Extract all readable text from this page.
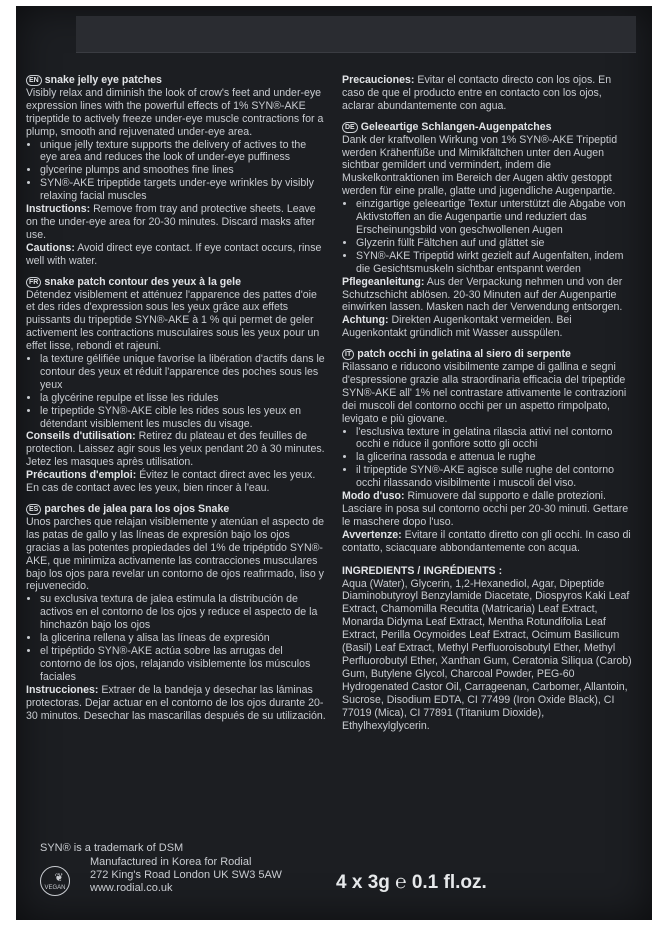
EN snake jelly eye patches
Visibly relax and diminish the look of crow's feet and under-eye expression lines with the powerful effects of 1% SYN®-AKE tripeptide to actively freeze under-eye muscle contractions for a plump, smooth and rejuvenated under-eye area.
• unique jelly texture supports the delivery of actives to the eye area and reduces the look of under-eye puffiness
• glycerine plumps and smoothes fine lines
• SYN®-AKE tripeptide targets under-eye wrinkles by visibly relaxing facial muscles
Instructions: Remove from tray and protective sheets. Leave on the under-eye area for 20-30 minutes. Discard masks after use.
Cautions: Avoid direct eye contact. If eye contact occurs, rinse well with water.
FR snake patch contour des yeux à la gele
Détendez visiblement et atténuez l'apparence des pattes d'oie et des rides d'expression sous les yeux grâce aux effets puissants du tripeptide SYN®-AKE à 1 % qui permet de geler activement les contractions musculaires sous les yeux pour un effet lisse, rebondi et rajeuni.
• la texture gélifiée unique favorise la libération d'actifs dans le contour des yeux et réduit l'apparence des poches sous les yeux
• la glycérine repulpe et lisse les ridules
• le tripeptide SYN®-AKE cible les rides sous les yeux en détendant visiblement les muscles du visage.
Conseils d'utilisation: Retirez du plateau et des feuilles de protection. Laissez agir sous les yeux pendant 20 à 30 minutes. Jetez les masques après utilisation.
Précautions d'emploi: Évitez le contact direct avec les yeux. En cas de contact avec les yeux, bien rincer à l'eau.
ES parches de jalea para los ojos Snake
Unos parches que relajan visiblemente y atenúan el aspecto de las patas de gallo y las líneas de expresión bajo los ojos gracias a las potentes propiedades del 1% de tripéptido SYN®-AKE, que minimiza activamente las contracciones musculares bajo los ojos para revelar un contorno de ojos reafirmado, liso y rejuvenecido.
• su exclusiva textura de jalea estimula la distribución de activos en el contorno de los ojos y reduce el aspecto de la hinchazón bajo los ojos
• la glicerina rellena y alisa las líneas de expresión
• el tripéptido SYN®-AKE actúa sobre las arrugas del contorno de los ojos, relajando visiblemente los músculos faciales
Instrucciones: Extraer de la bandeja y desechar las láminas protectoras. Dejar actuar en el contorno de los ojos durante 20-30 minutos. Desechar las mascarillas después de su utilización.
Precauciones: Evitar el contacto directo con los ojos. En caso de que el producto entre en contacto con los ojos, aclarar abundantemente con agua.
DE Geleeartige Schlangen-Augenpatches
Dank der kraftvollen Wirkung von 1% SYN®-AKE Tripeptid werden Krähenfüße und Mimikfältchen unter den Augen sichtbar gemildert und vermindert, indem die Muskelkontraktionen im Bereich der Augen aktiv gestoppt werden für eine pralle, glatte und jugendliche Augenpartie.
• einzigartige geleeartige Textur unterstützt die Abgabe von Aktivstoffen an die Augenpartie und reduziert das Erscheinungsbild von geschwollenen Augen
• Glyzerin füllt Fältchen auf und glättet sie
• SYN®-AKE Tripeptid wirkt gezielt auf Augenfalten, indem die Gesichtsmuskeln sichtbar entspannt werden
Pflegeanleitung: Aus der Verpackung nehmen und von der Schutzschicht ablösen. 20-30 Minuten auf der Augenpartie einwirken lassen. Masken nach der Verwendung entsorgen.
Achtung: Direkten Augenkontakt vermeiden. Bei Augenkontakt gründlich mit Wasser ausspülen.
IT patch occhi in gelatina al siero di serpente
Rilassano e riducono visibilmente zampe di gallina e segni d'espressione grazie alla straordinaria efficacia del tripeptide SYN®-AKE all' 1% nel contrastare attivamente le contrazioni dei muscoli del contorno occhi per un aspetto rimpolpato, levigato e più giovane.
• l'esclusiva texture in gelatina rilascia attivi nel contorno occhi e riduce il gonfiore sotto gli occhi
• la glicerina rassoda e attenua le rughe
• il tripeptide SYN®-AKE agisce sulle rughe del contorno occhi rilassando visibilmente i muscoli del viso.
Modo d'uso: Rimuovere dal supporto e dalle protezioni. Lasciare in posa sul contorno occhi per 20-30 minuti. Gettare le maschere dopo l'uso.
Avvertenze: Evitare il contatto diretto con gli occhi. In caso di contatto, sciacquare abbondantemente con acqua.
INGREDIENTS / INGRÉDIENTS :
Aqua (Water), Glycerin, 1,2-Hexanediol, Agar, Dipeptide Diaminobutyroyl Benzylamide Diacetate, Diospyros Kaki Leaf Extract, Chamomilla Recutita (Matricaria) Leaf Extract, Monarda Didyma Leaf Extract, Mentha Rotundifolia Leaf Extract, Perilla Ocymoides Leaf Extract, Ocimum Basilicum (Basil) Leaf Extract, Methyl Perfluoroisobutyl Ether, Methyl Perfluorobutyl Ether, Xanthan Gum, Ceratonia Siliqua (Carob) Gum, Butylene Glycol, Charcoal Powder, PEG-60 Hydrogenated Castor Oil, Carrageenan, Carbomer, Allantoin, Sucrose, Disodium EDTA, CI 77499 (Iron Oxide Black), CI 77019 (Mica), CI 77891 (Titanium Dioxide), Ethylhexylglycerin.
SYN® is a trademark of DSM
❦
VEGAN
Manufactured in Korea for Rodial
272 King's Road London UK SW3 5AW
www.rodial.co.uk	4 x 3g ℮ 0.1 fl.oz.
